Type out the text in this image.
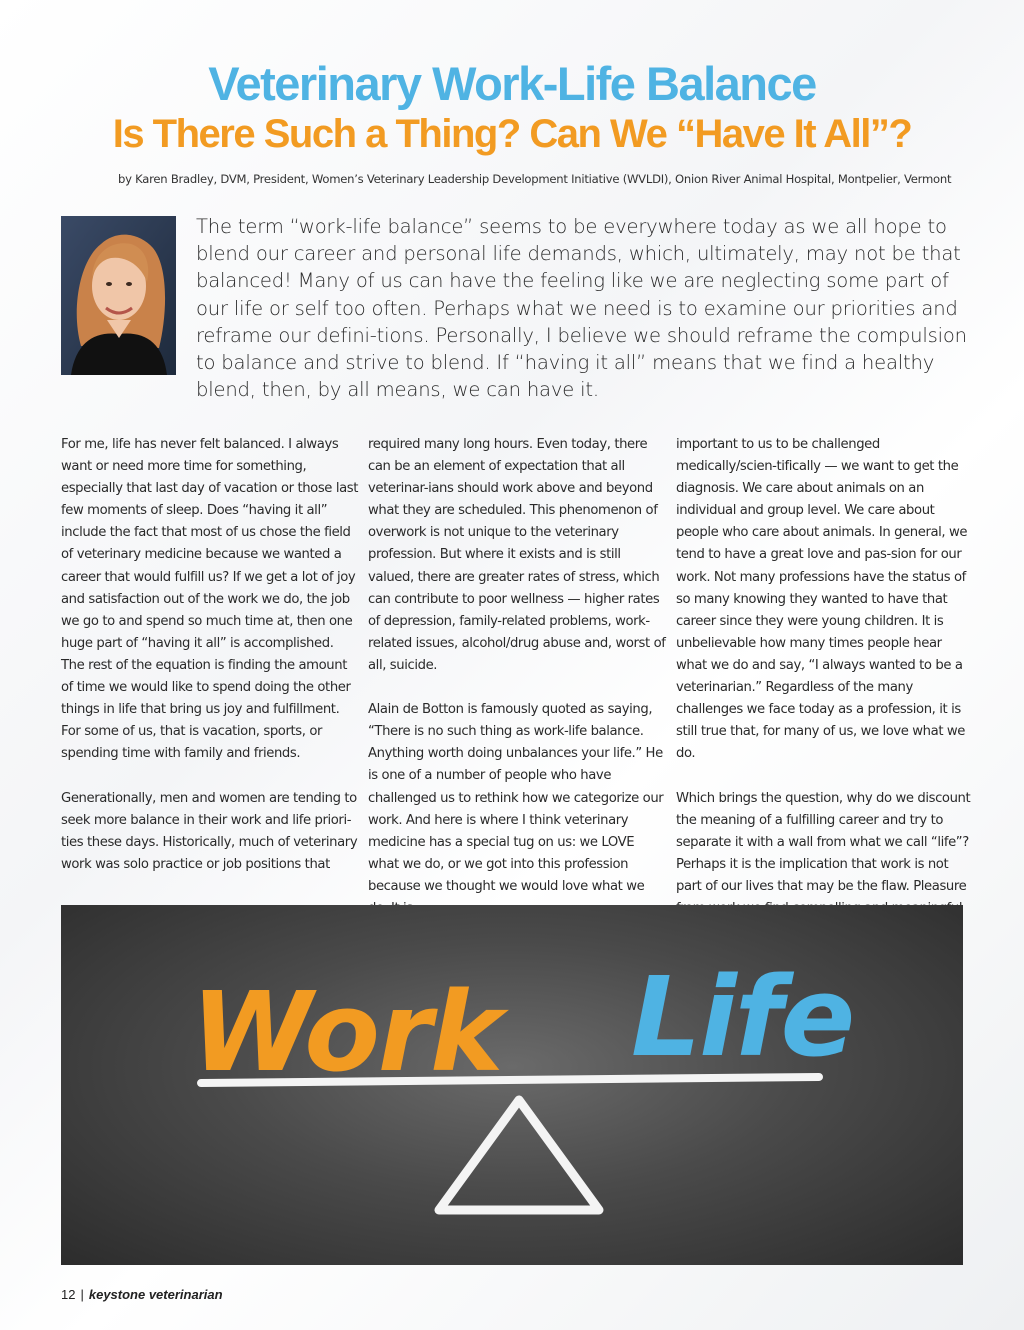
Veterinary Work-Life Balance
Is There Such a Thing? Can We “Have It All”?
by Karen Bradley, DVM, President, Women’s Veterinary Leadership Development Initiative (WVLDI), Onion River Animal Hospital, Montpelier, Vermont
The term “work-life balance” seems to be everywhere today as we all hope to blend our career and personal life demands, which, ultimately, may not be that balanced! Many of us can have the feeling like we are neglecting some part of our life or self too often. Perhaps what we need is to examine our priorities and reframe our defini-tions. Personally, I believe we should reframe the compulsion to balance and strive to blend. If “having it all” means that we find a healthy blend, then, by all means, we can have it.

For me, life has never felt balanced. I always want or need more time for something, especially that last day of vacation or those last few moments of sleep. Does “having it all” include the fact that most of us chose the field of veterinary medicine because we wanted a career that would fulfill us? If we get a lot of joy and satisfaction out of the work we do, the job we go to and spend so much time at, then one huge part of “having it all” is accomplished. The rest of the equation is finding the amount of time we would like to spend doing the other things in life that bring us joy and fulfillment. For some of us, that is vacation, sports, or spending time with family and friends.

Generationally, men and women are tending to seek more balance in their work and life priori-ties these days. Historically, much of veterinary work was solo practice or job positions that

required many long hours. Even today, there can be an element of expectation that all veterinar-ians should work above and beyond what they are scheduled. This phenomenon of overwork is not unique to the veterinary profession. But where it exists and is still valued, there are greater rates of stress, which can contribute to poor wellness — higher rates of depression, family-related problems, work-related issues, alcohol/drug abuse and, worst of all, suicide.

Alain de Botton is famously quoted as saying, “There is no such thing as work-life balance. Anything worth doing unbalances your life.” He is one of a number of people who have challenged us to rethink how we categorize our work. And here is where I think veterinary medicine has a special tug on us: we LOVE what we do, or we got into this profession because we thought we would love what we

important to us to be challenged medically/scien-tifically — we want to get the diagnosis. We care about animals on an individual and group level. We care about people who care about animals. In general, we tend to have a great love and pas-sion for our work. Not many professions have the status of so many knowing they wanted to have that career since they were young children. It is unbelievable how many times people hear what we do and say, “I always wanted to be a veterinarian.” Regardless of the many challenges we face today as a profession, it is still true that, for many of us, we love what we do.

Which brings the question, why do we discount the meaning of a fulfilling career and try to separate it with a wall from what we call “life”? Perhaps it is the implication that work is not part of our lives that may be the flaw. Pleasure

Work Life
12 | keystone veterinarian
